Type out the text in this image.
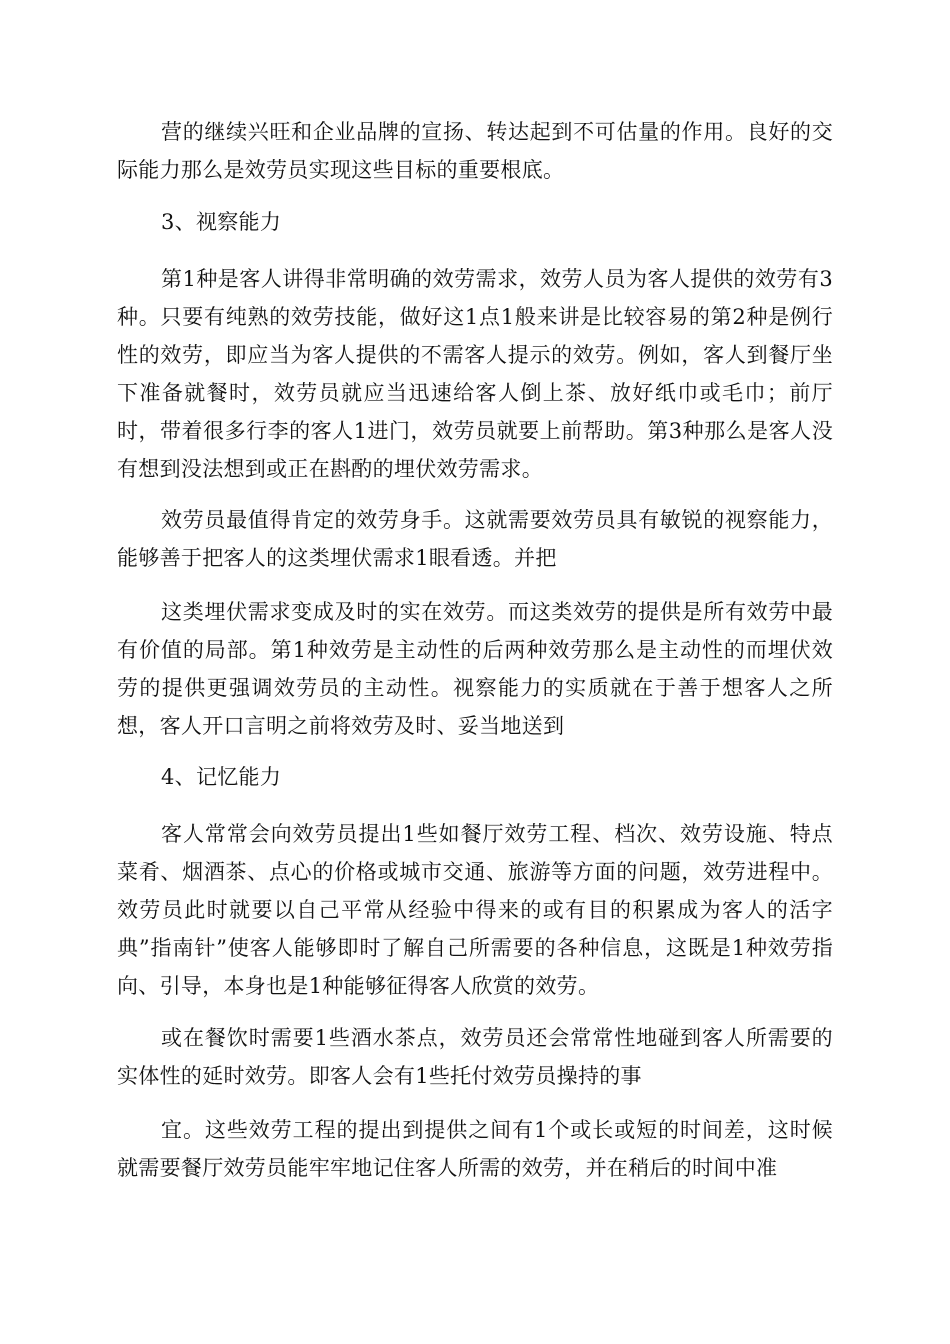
营的继续兴旺和企业品牌的宣扬、转达起到不可估量的作用。良好的交际能力那么是效劳员实现这些目标的重要根底。

3、视察能力

第1种是客人讲得非常明确的效劳需求，效劳人员为客人提供的效劳有3种。只要有纯熟的效劳技能，做好这1点1般来讲是比较容易的第2种是例行性的效劳，即应当为客人提供的不需客人提示的效劳。例如，客人到餐厅坐下准备就餐时，效劳员就应当迅速给客人倒上茶、放好纸巾或毛巾；前厅时，带着很多行李的客人1进门，效劳员就要上前帮助。第3种那么是客人没有想到没法想到或正在斟酌的埋伏效劳需求。

效劳员最值得肯定的效劳身手。这就需要效劳员具有敏锐的视察能力，能够善于把客人的这类埋伏需求1眼看透。并把

这类埋伏需求变成及时的实在效劳。而这类效劳的提供是所有效劳中最有价值的局部。第1种效劳是主动性的后两种效劳那么是主动性的而埋伏效劳的提供更强调效劳员的主动性。视察能力的实质就在于善于想客人之所想，客人开口言明之前将效劳及时、妥当地送到

4、记忆能力

客人常常会向效劳员提出1些如餐厅效劳工程、档次、效劳设施、特点菜肴、烟酒茶、点心的价格或城市交通、旅游等方面的问题，效劳进程中。效劳员此时就要以自己平常从经验中得来的或有目的积累成为客人的活字典”指南针”使客人能够即时了解自己所需要的各种信息，这既是1种效劳指向、引导，本身也是1种能够征得客人欣赏的效劳。

或在餐饮时需要1些酒水茶点，效劳员还会常常性地碰到客人所需要的实体性的延时效劳。即客人会有1些托付效劳员操持的事

宜。这些效劳工程的提出到提供之间有1个或长或短的时间差，这时候就需要餐厅效劳员能牢牢地记住客人所需的效劳，并在稍后的时间中准
